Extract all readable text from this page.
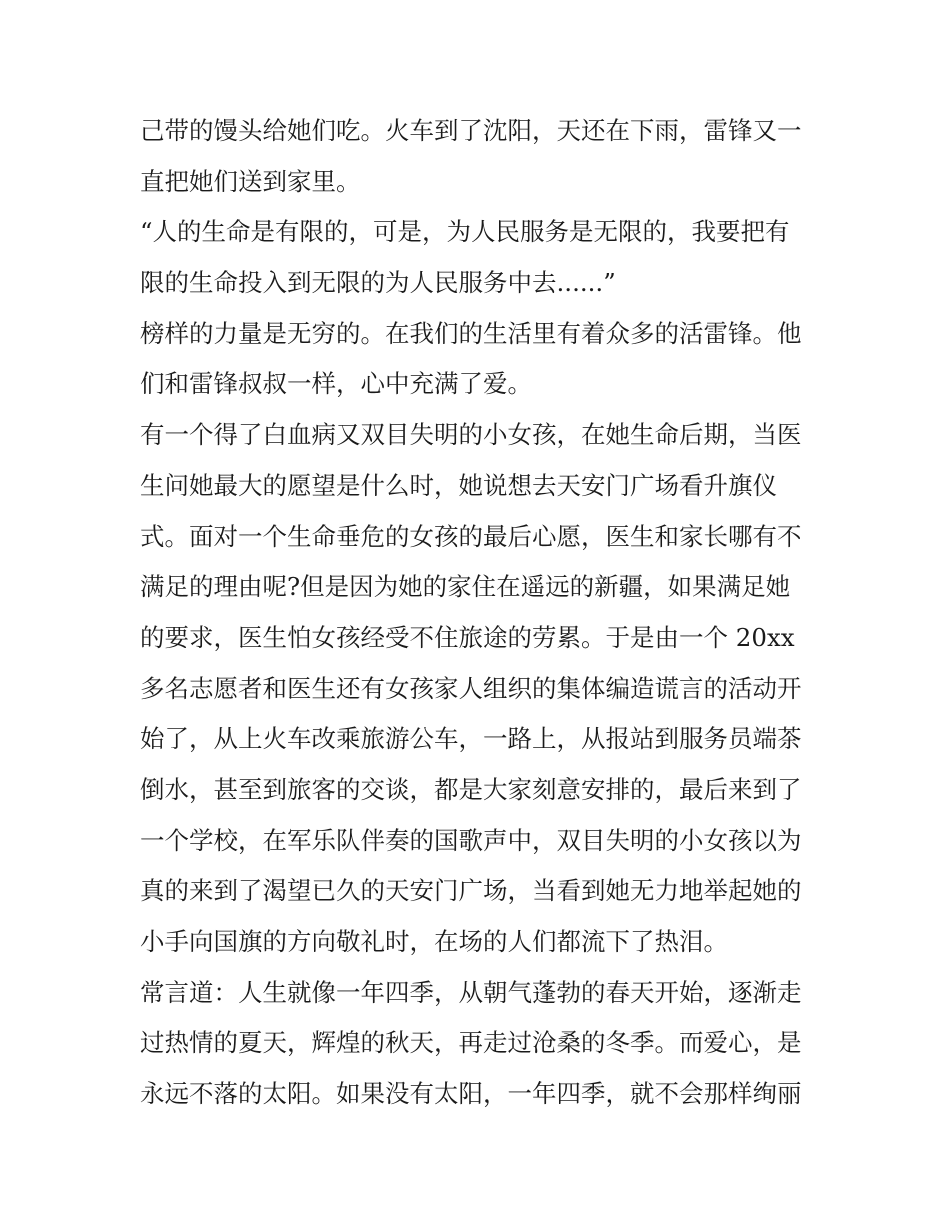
己带的馒头给她们吃。火车到了沈阳，天还在下雨，雷锋又一
直把她们送到家里。
“人的生命是有限的，可是，为人民服务是无限的，我要把有
限的生命投入到无限的为人民服务中去......”
榜样的力量是无穷的。在我们的生活里有着众多的活雷锋。他
们和雷锋叔叔一样，心中充满了爱。
有一个得了白血病又双目失明的小女孩，在她生命后期，当医
生问她最大的愿望是什么时，她说想去天安门广场看升旗仪
式。面对一个生命垂危的女孩的最后心愿，医生和家长哪有不
满足的理由呢?但是因为她的家住在遥远的新疆，如果满足她
的要求，医生怕女孩经受不住旅途的劳累。于是由一个 20xx
多名志愿者和医生还有女孩家人组织的集体编造谎言的活动开
始了，从上火车改乘旅游公车，一路上，从报站到服务员端茶
倒水，甚至到旅客的交谈，都是大家刻意安排的，最后来到了
一个学校，在军乐队伴奏的国歌声中，双目失明的小女孩以为
真的来到了渴望已久的天安门广场，当看到她无力地举起她的
小手向国旗的方向敬礼时，在场的人们都流下了热泪。
常言道：人生就像一年四季，从朝气蓬勃的春天开始，逐渐走
过热情的夏天，辉煌的秋天，再走过沧桑的冬季。而爱心，是
永远不落的太阳。如果没有太阳，一年四季，就不会那样绚丽
